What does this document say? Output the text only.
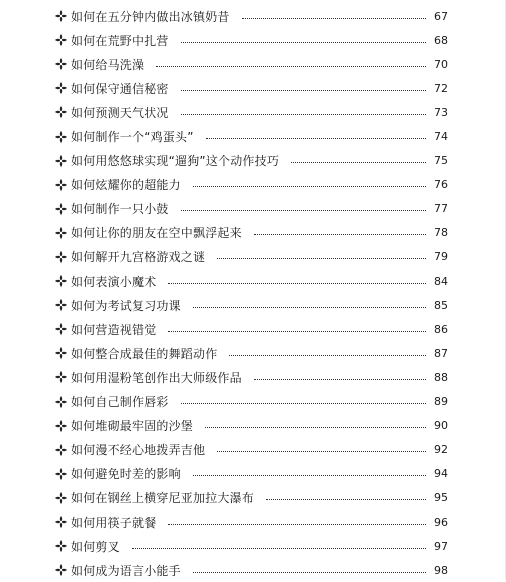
如何在五分钟内做出冰镇奶昔	67
如何在荒野中扎营	68
如何给马洗澡	70
如何保守通信秘密	72
如何预测天气状况	73
如何制作一个“鸡蛋头”	74
如何用悠悠球实现“遛狗”这个动作技巧	75
如何炫耀你的超能力	76
如何制作一只小鼓	77
如何让你的朋友在空中飘浮起来	78
如何解开九宫格游戏之谜	79
如何表演小魔术	84
如何为考试复习功课	85
如何营造视错觉	86
如何整合成最佳的舞蹈动作	87
如何用湿粉笔创作出大师级作品	88
如何自己制作唇彩	89
如何堆砌最牢固的沙堡	90
如何漫不经心地拨弄吉他	92
如何避免时差的影响	94
如何在钢丝上横穿尼亚加拉大瀑布	95
如何用筷子就餐	96
如何剪叉	97
如何成为语言小能手	98
